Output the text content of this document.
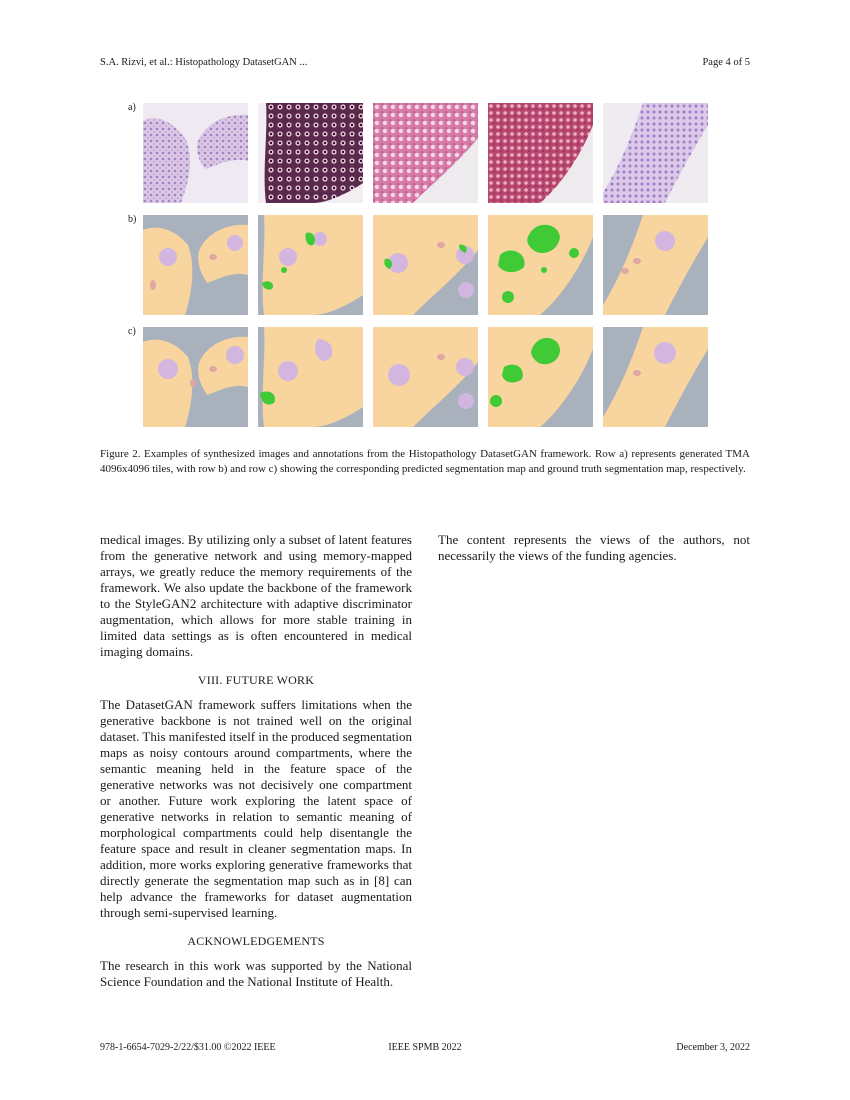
S.A. Rizvi, et al.: Histopathology DatasetGAN ...	Page 4 of 5
a)
b)
c)
Figure 2. Examples of synthesized images and annotations from the Histopathology DatasetGAN framework. Row a) represents generated TMA 4096x4096 tiles, with row b) and row c) showing the corresponding predicted segmentation map and ground truth segmentation map, respectively.

medical images. By utilizing only a subset of latent features from the generative network and using memory-mapped arrays, we greatly reduce the memory requirements of the framework. We also update the backbone of the framework to the StyleGAN2 architecture with adaptive discriminator augmentation, which allows for more stable training in limited data settings as is often encountered in medical imaging domains.

VIII. FUTURE WORK

The DatasetGAN framework suffers limitations when the generative backbone is not trained well on the original dataset. This manifested itself in the produced segmentation maps as noisy contours around compartments, where the semantic meaning held in the feature space of the generative networks was not decisively one compartment or another. Future work exploring the latent space of generative networks in relation to semantic meaning of morphological compartments could help disentangle the feature space and result in cleaner segmentation maps. In addition, more works exploring generative frameworks that directly generate the segmentation map such as in [8] can help advance the frameworks for dataset augmentation through semi-supervised learning.

ACKNOWLEDGEMENTS

The research in this work was supported by the National Science Foundation and the National Institute of Health.

The content represents the views of the authors, not necessarily the views of the funding agencies.

978-1-6654-7029-2/22/$31.00 ©2022 IEEE	IEEE SPMB 2022	December 3, 2022
